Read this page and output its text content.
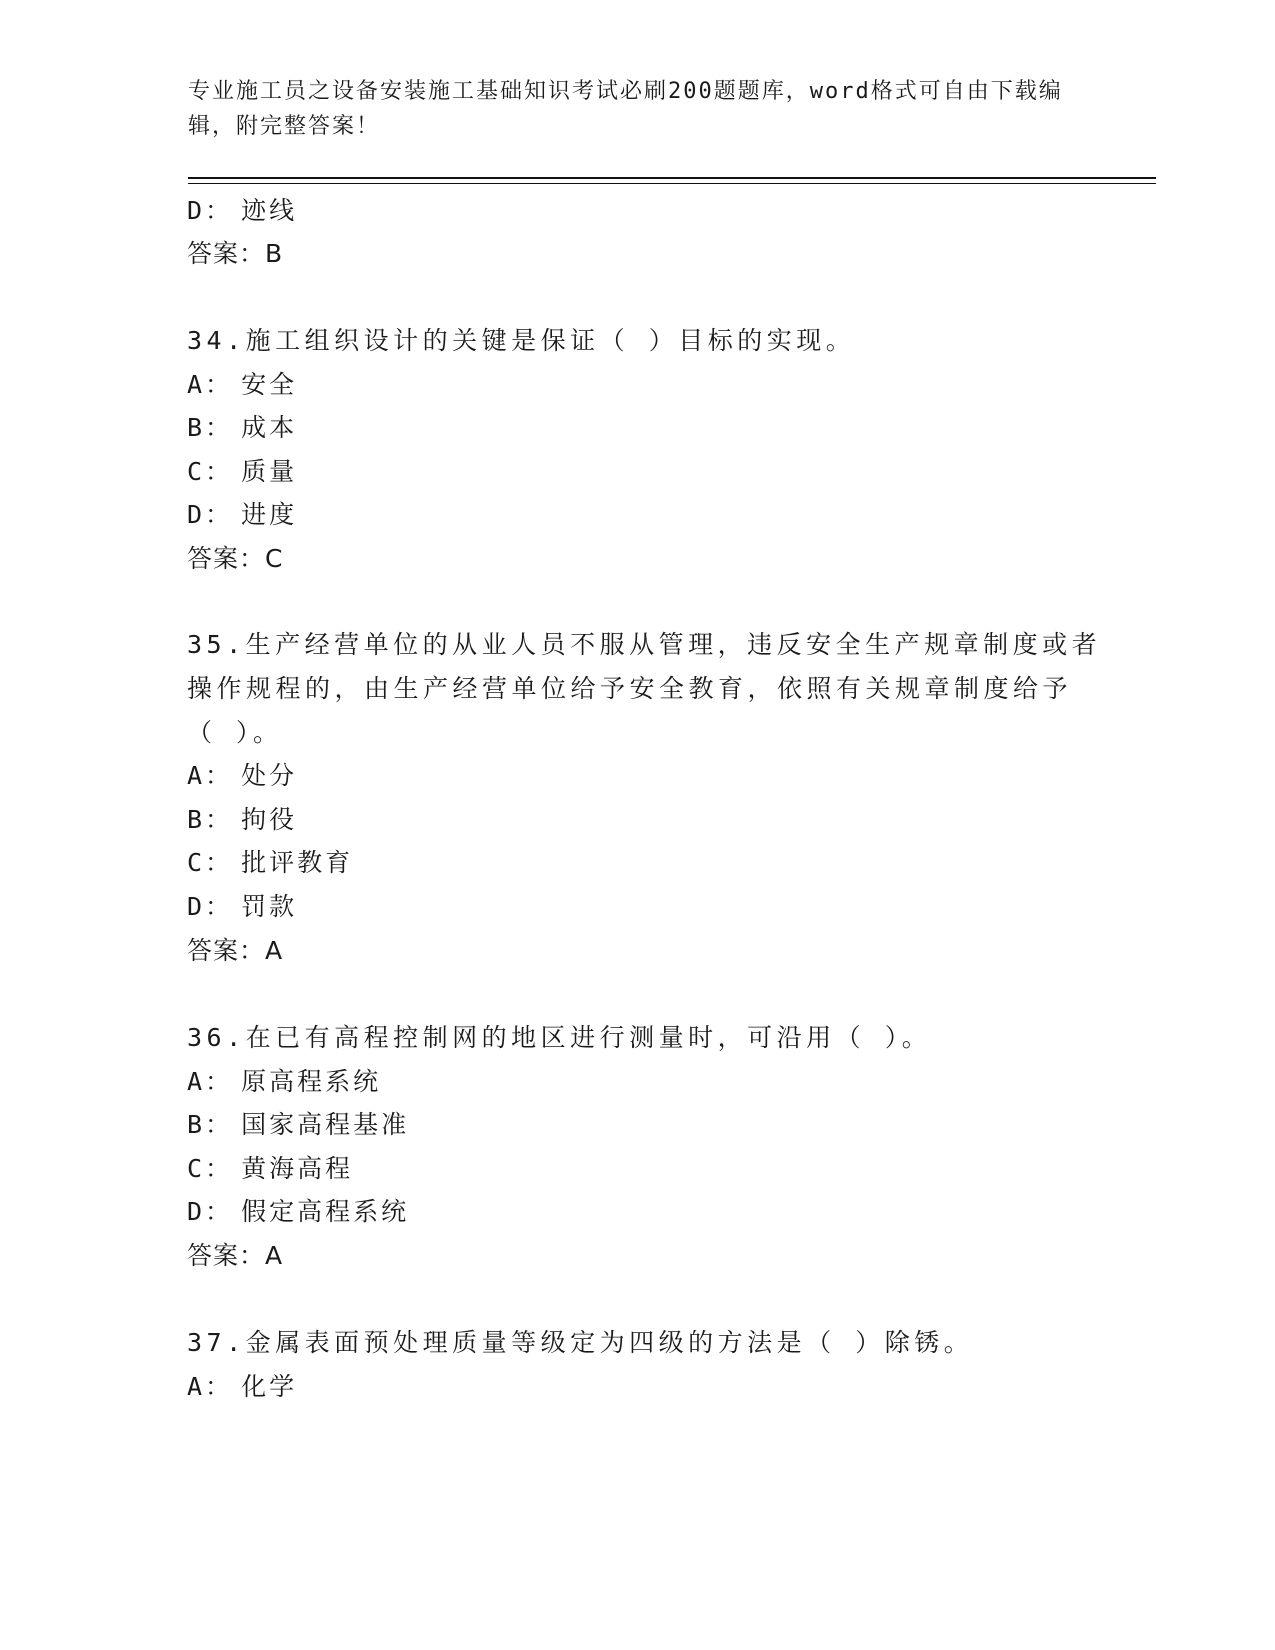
专业施工员之设备安装施工基础知识考试必刷200题题库，word格式可自由下载编辑，附完整答案！
D： 迹线
答案：B
34.施工组织设计的关键是保证（ ）目标的实现。
A： 安全
B： 成本
C： 质量
D： 进度
答案：C
35.生产经营单位的从业人员不服从管理，违反安全生产规章制度或者
操作规程的，由生产经营单位给予安全教育，依照有关规章制度给予
（ ）。
A： 处分
B： 拘役
C： 批评教育
D： 罚款
答案：A
36.在已有高程控制网的地区进行测量时，可沿用（ ）。
A： 原高程系统
B： 国家高程基准
C： 黄海高程
D： 假定高程系统
答案：A
37.金属表面预处理质量等级定为四级的方法是（ ）除锈。
A： 化学
